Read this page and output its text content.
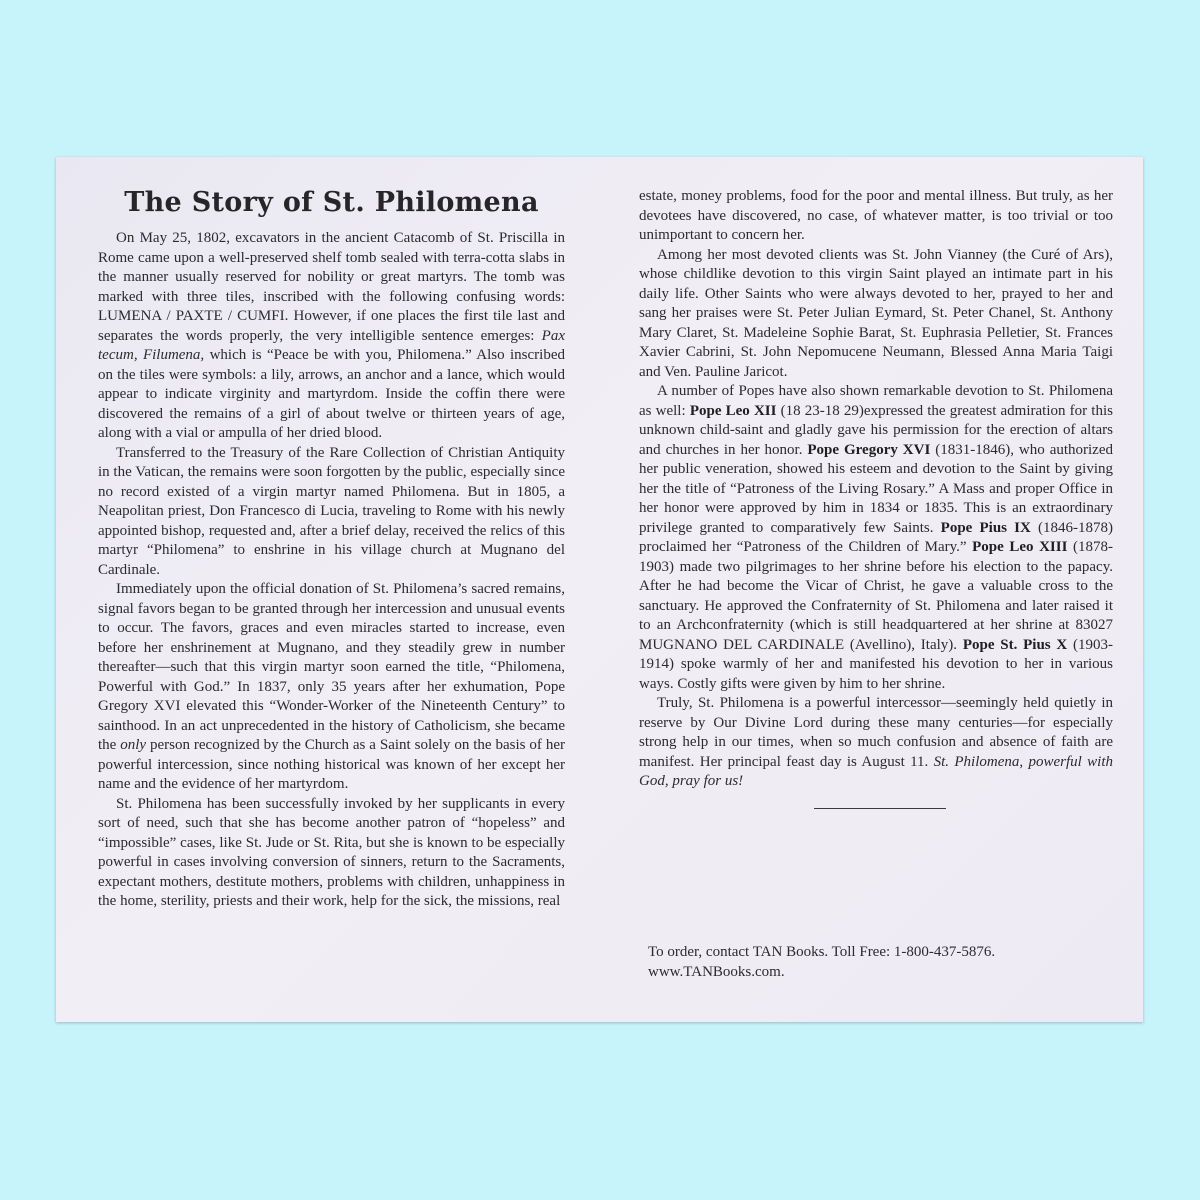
The Story of St. Philomena

On May 25, 1802, excavators in the ancient Catacomb of St. Priscilla in Rome came upon a well-preserved shelf tomb sealed with terra-cotta slabs in the manner usually reserved for nobility or great martyrs. The tomb was marked with three tiles, inscribed with the following confusing words: LUMENA / PAXTE / CUMFI. However, if one places the first tile last and separates the words properly, the very intelligible sentence emerges: Pax tecum, Filumena, which is “Peace be with you, Philomena.” Also inscribed on the tiles were symbols: a lily, arrows, an anchor and a lance, which would appear to indicate virginity and martyrdom. Inside the coffin there were discovered the remains of a girl of about twelve or thirteen years of age, along with a vial or ampulla of her dried blood.

Transferred to the Treasury of the Rare Collection of Christian Antiquity in the Vatican, the remains were soon forgotten by the public, especially since no record existed of a virgin martyr named Philomena. But in 1805, a Neapolitan priest, Don Francesco di Lucia, traveling to Rome with his newly appointed bishop, requested and, after a brief delay, received the relics of this martyr “Philomena” to enshrine in his village church at Mugnano del Cardinale.

Immediately upon the official donation of St. Philomena’s sacred remains, signal favors began to be granted through her intercession and unusual events to occur. The favors, graces and even miracles started to increase, even before her enshrinement at Mugnano, and they steadily grew in number thereafter—such that this virgin martyr soon earned the title, “Philomena, Powerful with God.” In 1837, only 35 years after her exhumation, Pope Gregory XVI elevated this “Wonder-Worker of the Nineteenth Century” to sainthood. In an act unprecedented in the history of Catholicism, she became the only person recognized by the Church as a Saint solely on the basis of her powerful intercession, since nothing historical was known of her except her name and the evidence of her martyrdom.

St. Philomena has been successfully invoked by her supplicants in every sort of need, such that she has become another patron of “hopeless” and “impossible” cases, like St. Jude or St. Rita, but she is known to be especially powerful in cases involving conversion of sinners, return to the Sacraments, expectant mothers, destitute mothers, problems with children, unhappiness in the home, sterility, priests and their work, help for the sick, the missions, real

estate, money problems, food for the poor and mental illness. But truly, as her devotees have discovered, no case, of whatever matter, is too trivial or too unimportant to concern her.

Among her most devoted clients was St. John Vianney (the Curé of Ars), whose childlike devotion to this virgin Saint played an intimate part in his daily life. Other Saints who were always devoted to her, prayed to her and sang her praises were St. Peter Julian Eymard, St. Peter Chanel, St. Anthony Mary Claret, St. Madeleine Sophie Barat, St. Euphrasia Pelletier, St. Frances Xavier Cabrini, St. John Nepomucene Neumann, Blessed Anna Maria Taigi and Ven. Pauline Jaricot.

A number of Popes have also shown remarkable devotion to St. Philomena as well: Pope Leo XII (18 23-18 29)expressed the greatest admiration for this unknown child-saint and gladly gave his permission for the erection of altars and churches in her honor. Pope Gregory XVI (1831-1846), who authorized her public veneration, showed his esteem and devotion to the Saint by giving her the title of “Patroness of the Living Rosary.” A Mass and proper Office in her honor were approved by him in 1834 or 1835. This is an extraordinary privilege granted to comparatively few Saints. Pope Pius IX (1846-1878) proclaimed her “Patroness of the Children of Mary.” Pope Leo XIII (1878-1903) made two pilgrimages to her shrine before his election to the papacy. After he had become the Vicar of Christ, he gave a valuable cross to the sanctuary. He approved the Confraternity of St. Philomena and later raised it to an Archconfraternity (which is still headquartered at her shrine at 83027 MUGNANO DEL CARDINALE (Avellino), Italy). Pope St. Pius X (1903-1914) spoke warmly of her and manifested his devotion to her in various ways. Costly gifts were given by him to her shrine.

Truly, St. Philomena is a powerful intercessor—seemingly held quietly in reserve by Our Divine Lord during these many centuries—for especially strong help in our times, when so much confusion and absence of faith are manifest. Her principal feast day is August 11. St. Philomena, powerful with God, pray for us!

To order, contact TAN Books. Toll Free: 1-800-437-5876.
www.TANBooks.com.
